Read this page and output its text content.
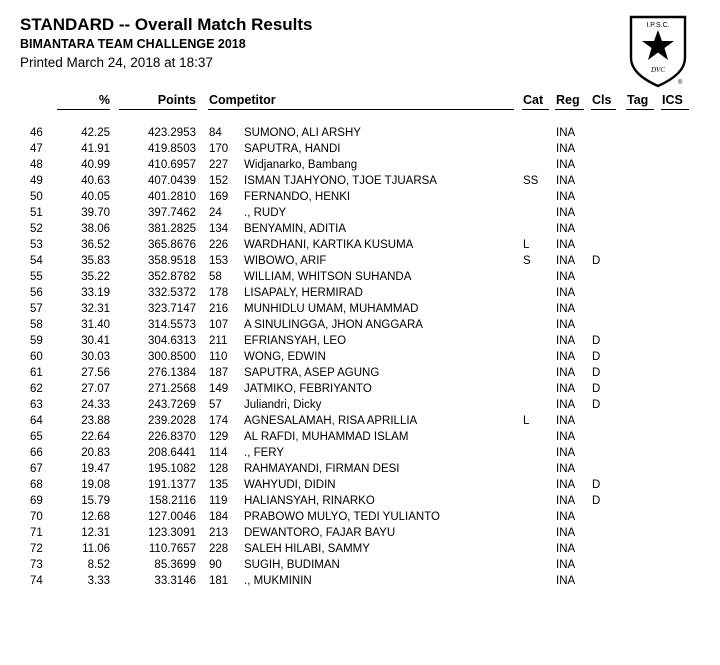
STANDARD -- Overall Match Results
BIMANTARA TEAM CHALLENGE 2018
Printed March 24, 2018 at 18:37
I.P.S.C.
DVC
®
%	Points Competitor	Cat Reg Cls Tag ICS
46	42.25	423.2953 84 SUMONO, ALI ARSHY	INA
47	41.91	419.8503 170 SAPUTRA, HANDI	INA
48	40.99	410.6957 227 Widjanarko, Bambang	INA
49	40.63	407.0439 152 ISMAN TJAHYONO, TJOE TJUARSA	SS INA
50	40.05	401.2810 169 FERNANDO, HENKI	INA
51	39.70	397.7462 24 ., RUDY	INA
52	38.06	381.2825 134 BENYAMIN, ADITIA	INA
53	36.52	365.8676 226 WARDHANI, KARTIKA KUSUMA	L INA
54	35.83	358.9518 153 WIBOWO, ARIF	S INA D
55	35.22	352.8782 58 WILLIAM, WHITSON SUHANDA	INA
56	33.19	332.5372 178 LISAPALY, HERMIRAD	INA
57	32.31	323.7147 216 MUNHIDLU UMAM, MUHAMMAD	INA
58	31.40	314.5573 107 A SINULINGGA, JHON ANGGARA	INA
59	30.41	304.6313 211 EFRIANSYAH, LEO	INA D
60	30.03	300.8500 110 WONG, EDWIN	INA D
61	27.56	276.1384 187 SAPUTRA, ASEP AGUNG	INA D
62	27.07	271.2568 149 JATMIKO, FEBRIYANTO	INA D
63	24.33	243.7269 57 Juliandri, Dicky	INA D
64	23.88	239.2028 174 AGNESALAMAH, RISA APRILLIA	L INA
65	22.64	226.8370 129 AL RAFDI, MUHAMMAD ISLAM	INA
66	20.83	208.6441 114 ., FERY	INA
67	19.47	195.1082 128 RAHMAYANDI, FIRMAN DESI	INA
68	19.08	191.1377 135 WAHYUDI, DIDIN	INA D
69	15.79	158.2116 119 HALIANSYAH, RINARKO	INA D
70	12.68	127.0046 184 PRABOWO MULYO, TEDI YULIANTO	INA
71	12.31	123.3091 213 DEWANTORO, FAJAR BAYU	INA
72	11.06	110.7657 228 SALEH HILABI, SAMMY	INA
73	8.52	85.3699 90 SUGIH, BUDIMAN	INA
74	3.33	33.3146 181 ., MUKMININ	INA
